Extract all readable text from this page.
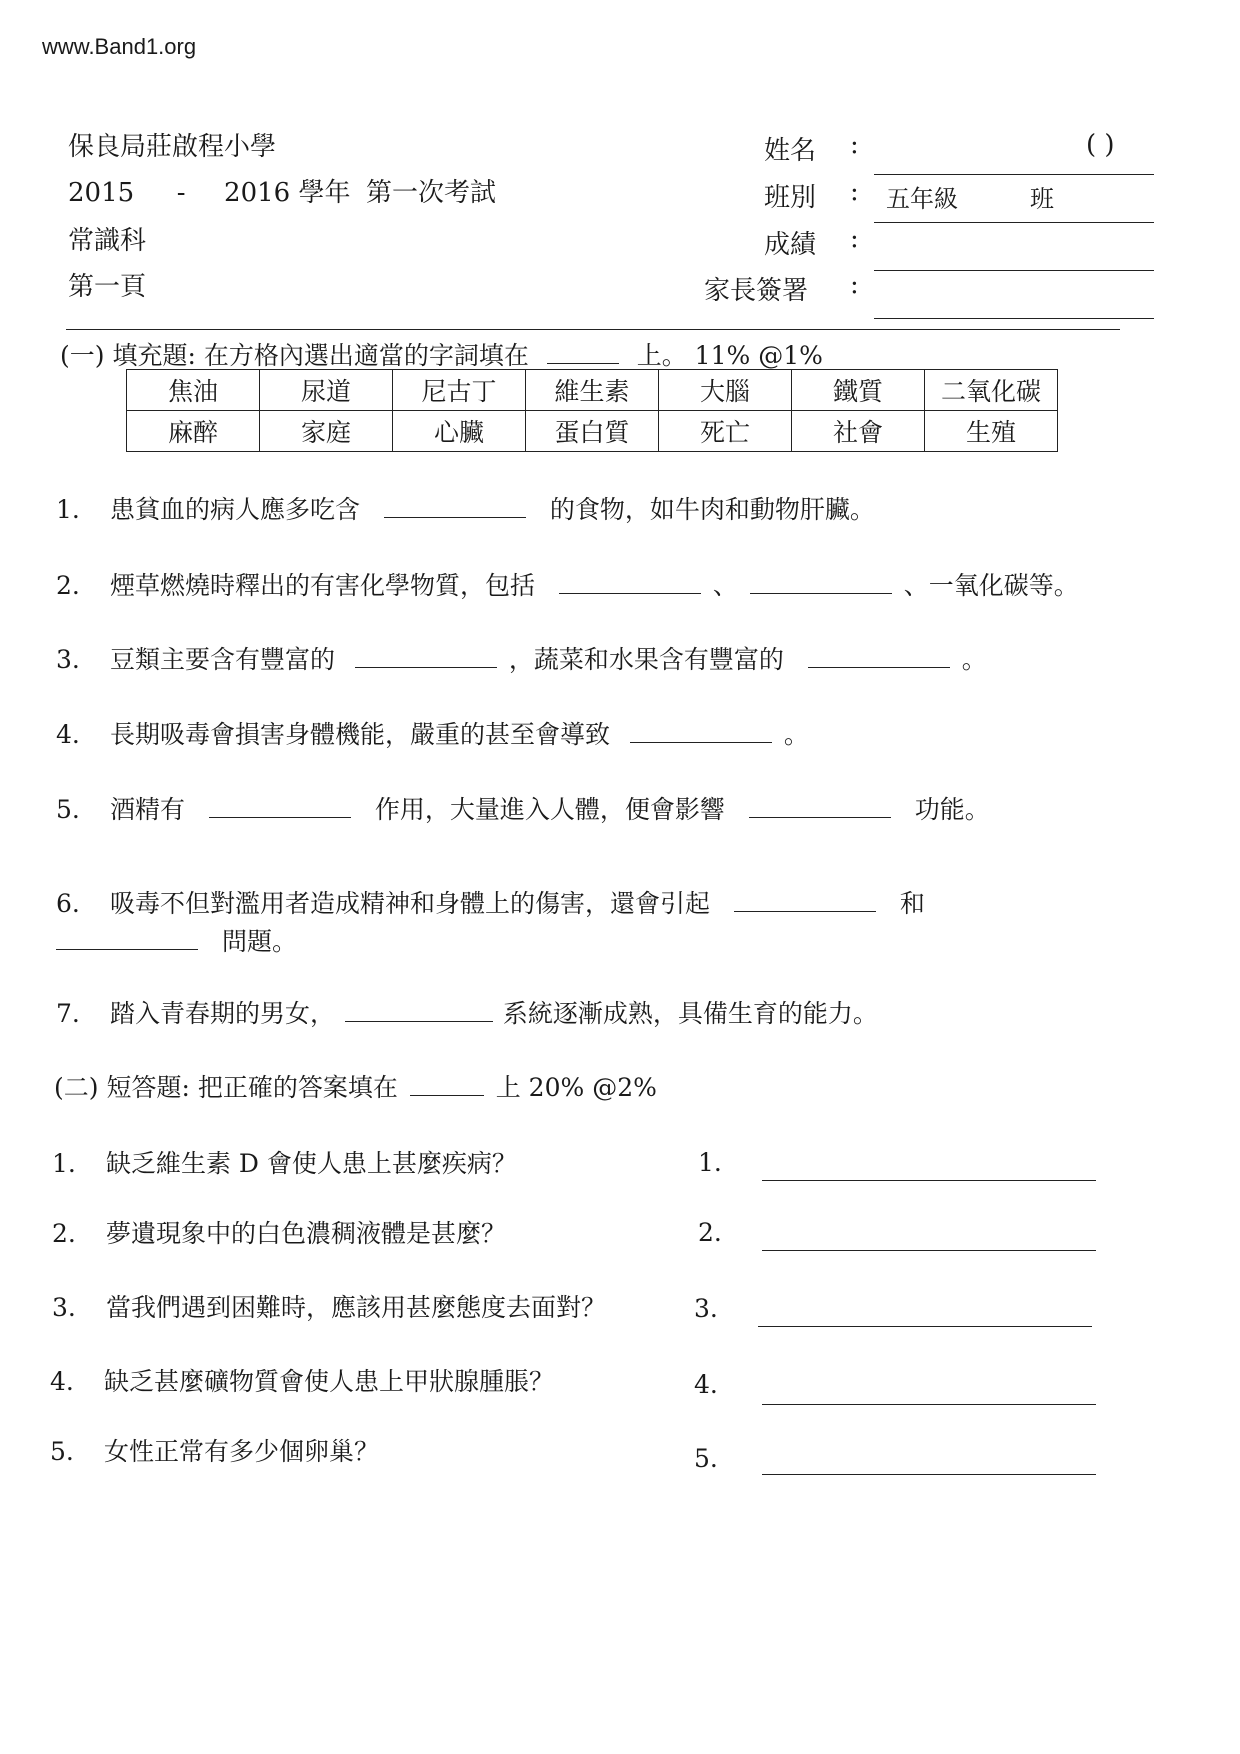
www.Band1.org
保良局莊啟程小學
2015 - 2016 學年 第一次考試
常識科
第一頁
姓名 :	( )
班別 : 五年級	班
成績 :
家長簽署 :
(一) 填充題: 在方格內選出適當的字詞填在	上。 11% @1%
焦油	尿道	尼古丁	維生素	大腦	鐵質	二氧化碳
麻醉	家庭	心臟	蛋白質	死亡	社會	生殖
1. 患貧血的病人應多吃含	的食物，如牛肉和動物肝臟。
2. 煙草燃燒時釋出的有害化學物質，包括	、	、一氧化碳等。
3. 豆類主要含有豐富的	，蔬菜和水果含有豐富的	。
4. 長期吸毒會損害身體機能，嚴重的甚至會導致	。
5. 酒精有	作用，大量進入人體，便會影響	功能。
6. 吸毒不但對濫用者造成精神和身體上的傷害，還會引起	和
問題。
7. 踏入青春期的男女，	系統逐漸成熟，具備生育的能力。
(二) 短答題: 把正確的答案填在	上 20% @2%
1. 缺乏維生素 D 會使人患上甚麼疾病？	1.
2. 夢遺現象中的白色濃稠液體是甚麼？	2.
3. 當我們遇到困難時，應該用甚麼態度去面對？	3.
4. 缺乏甚麼礦物質會使人患上甲狀腺腫脹？	4.
5. 女性正常有多少個卵巢？	5.
